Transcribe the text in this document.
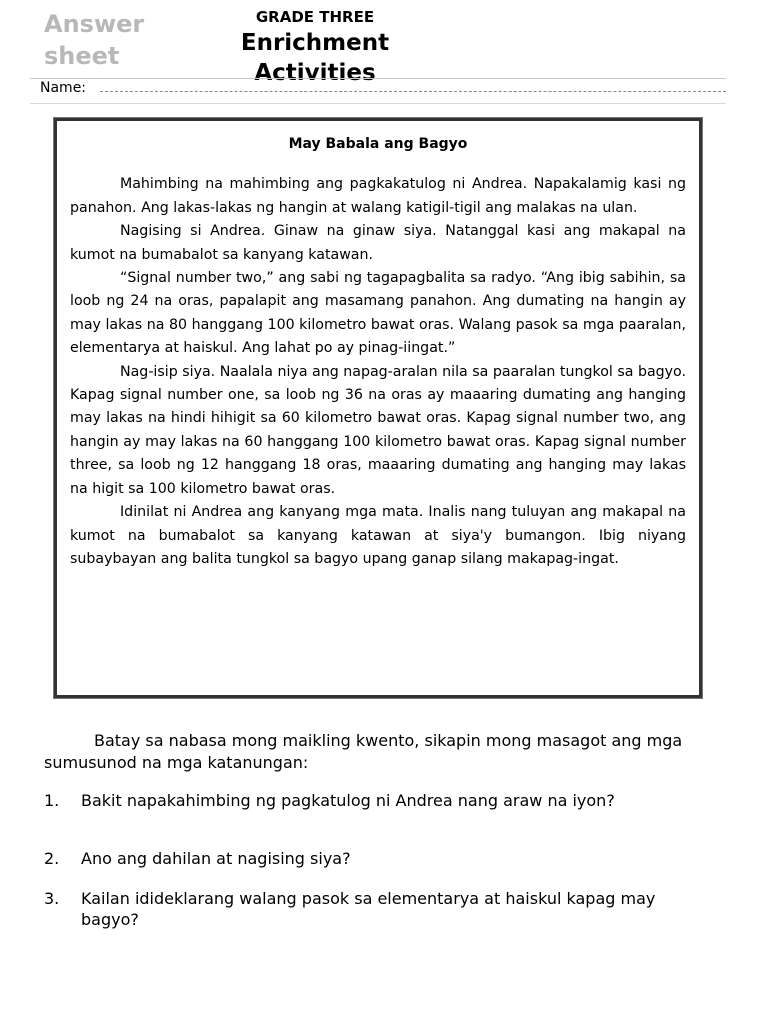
Answer sheet
GRADE THREE
Enrichment
Activities
Name:
May Babala ang Bagyo

Mahimbing na mahimbing ang pagkakatulog ni Andrea. Napakalamig kasi ng panahon. Ang lakas-lakas ng hangin at walang katigil-tigil ang malakas na ulan.

Nagising si Andrea. Ginaw na ginaw siya. Natanggal kasi ang makapal na kumot na bumabalot sa kanyang katawan.

“Signal number two,” ang sabi ng tagapagbalita sa radyo. “Ang ibig sabihin, sa loob ng 24 na oras, papalapit ang masamang panahon. Ang dumating na hangin ay may lakas na 80 hanggang 100 kilometro bawat oras. Walang pasok sa mga paaralan, elementarya at haiskul. Ang lahat po ay pinag-iingat.”

Nag-isip siya. Naalala niya ang napag-aralan nila sa paaralan tungkol sa bagyo. Kapag signal number one, sa loob ng 36 na oras ay maaaring dumating ang hanging may lakas na hindi hihigit sa 60 kilometro bawat oras. Kapag signal number two, ang hangin ay may lakas na 60 hanggang 100 kilometro bawat oras. Kapag signal number three, sa loob ng 12 hanggang 18 oras, maaaring dumating ang hanging may lakas na higit sa 100 kilometro bawat oras.

Idinilat ni Andrea ang kanyang mga mata. Inalis nang tuluyan ang makapal na kumot na bumabalot sa kanyang katawan at siya'y bumangon. Ibig niyang subaybayan ang balita tungkol sa bagyo upang ganap silang makapag-ingat.

Batay sa nabasa mong maikling kwento, sikapin mong masagot ang mga sumusunod na mga katanungan:
1. Bakit napakahimbing ng pagkatulog ni Andrea nang araw na iyon?
2. Ano ang dahilan at nagising siya?
3. Kailan idideklarang walang pasok sa elementarya at haiskul kapag may bagyo?
